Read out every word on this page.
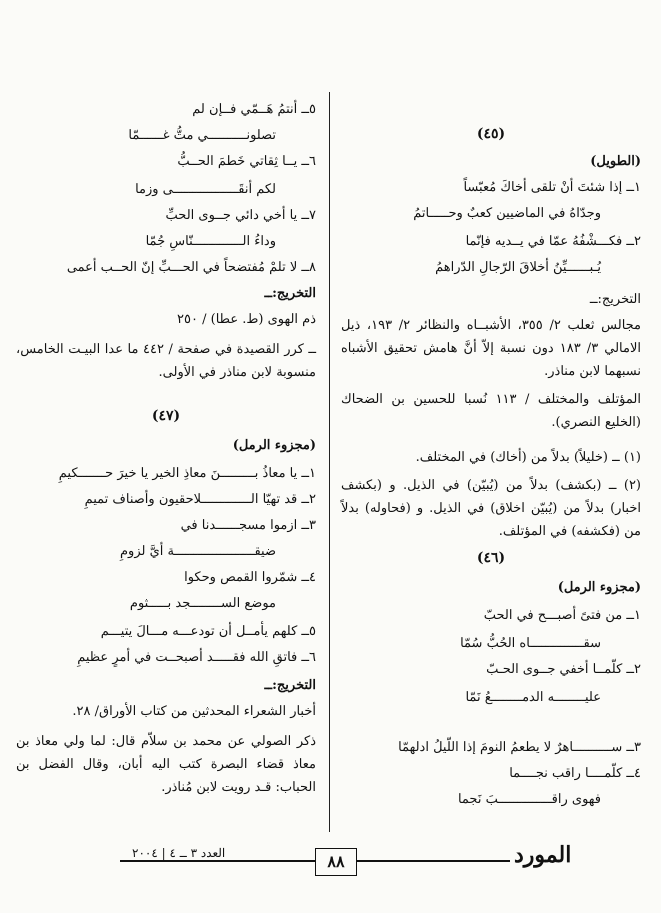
(٤٥)
(الطويل)
١ــ إذا شئتَ أنْ تلقى أخاكَ مُعبّساً
وجدّاهُ في الماضيين كعبٌ وحـــــاتمُ
٢ــ فكـــشْفُهُ عمّا في يــديه فإنّما
يُـبــــــيِّنُ أخلاقَ الرّجالِ الدّراهمُ
التخريج:ــ
مجالس ثعلب ٢/ ٣٥٥، الأشبــاه والنظائر ٢/ ١٩٣، ذيل الامالي ٣/ ١٨٣ دون نسبة إلاّ أنَّ هامش تحقيق الأشباه نسبهما لابن مناذر.
المؤتلف والمختلف / ١١٣ نُسبا للحسين بن الضحاك (الخليع النصري).
(١) ــ (خليلاً) بدلاً من (أخاك) في المختلف.
(٢) ــ (بكشف) بدلاً من (يُبيّن) في الذيل. و (بكشف اخبار) بدلاً من (يُبيّن اخلاق) في الذيل. و (فحاوله) بدلاً من (فكشفه) في المؤتلف.
(٤٦)
(مجزوء الرمل)
١ــ من فتىً أصبـــح في الحبّ
سقــــــــــــــاه الحُبُّ سُمّا
٢ــ كلّمــا أخفي جــوى الحـبّ
عليــــــــه الدمــــــــعُ نَمّا
٣ــ ســــــــــاهرٌ لا يطعمُ النومَ إذا اللّيلُ ادلهمّا
٤ــ كلّمــــا راقب نجــــما
فهوى راقــــــــــــــبَ نَجما
٥ــ أنتمُ هَــمّي فــإن لم
تصلونــــــــــي متُّ غــــــمّا
٦ــ يــا ثِقاتي خَطمَ الحــبُّ
لكم أنقَـــــــــــــــــى وزما
٧ــ يا أخي دائي جــوى الحبِّ
وداءُ الـــــــــــــنّاسِ جُمّا
٨ــ لا تلمْ مُفتضحاً في الحـــبِّ إنّ الحــب أعمى
التخريج:ــ
ذم الهوى (ط. عطا) / ٢٥٠
ــ كرر القصيدة في صفحة / ٤٤٢ ما عدا البيـت الخامس، منسوبة لابن مناذر في الأولى.
(٤٧)
(مجزوء الرمل)
١ــ يا معاذُ بـــــــــنَ معاذِ الخير يا خيرَ حـــــــكيمِ
٢ــ قد تهيّا الـــــــــــــلاحقيون وأصناف تميمِ
٣ــ ازموا مسجــــــدنا في
ضيقـــــــــــــــــــــة أيَّ لزومِ
٤ــ شمّروا القمص وحكوا
موضع الســــــــجد بـــــثوم
٥ــ كلهم يأمــل أن تودعـــه مـــالَ يتيـــم
٦ــ فاتقِ الله فقـــــد أصبحــت في أمرٍ عظيمِ
التخريج:ــ
أخبار الشعراء المحدثين من كتاب الأوراق/ ٢٨.
ذكر الصولي عن محمد بن سلاّم قال: لما ولي معاذ بن معاذ قضاء البصرة كتب اليه أبان، وقال الفضل بن الحباب: قـد رويت لابن مُناذر.
المورد
٨٨
العدد ٣ ــ ٤ | ٢٠٠٤
